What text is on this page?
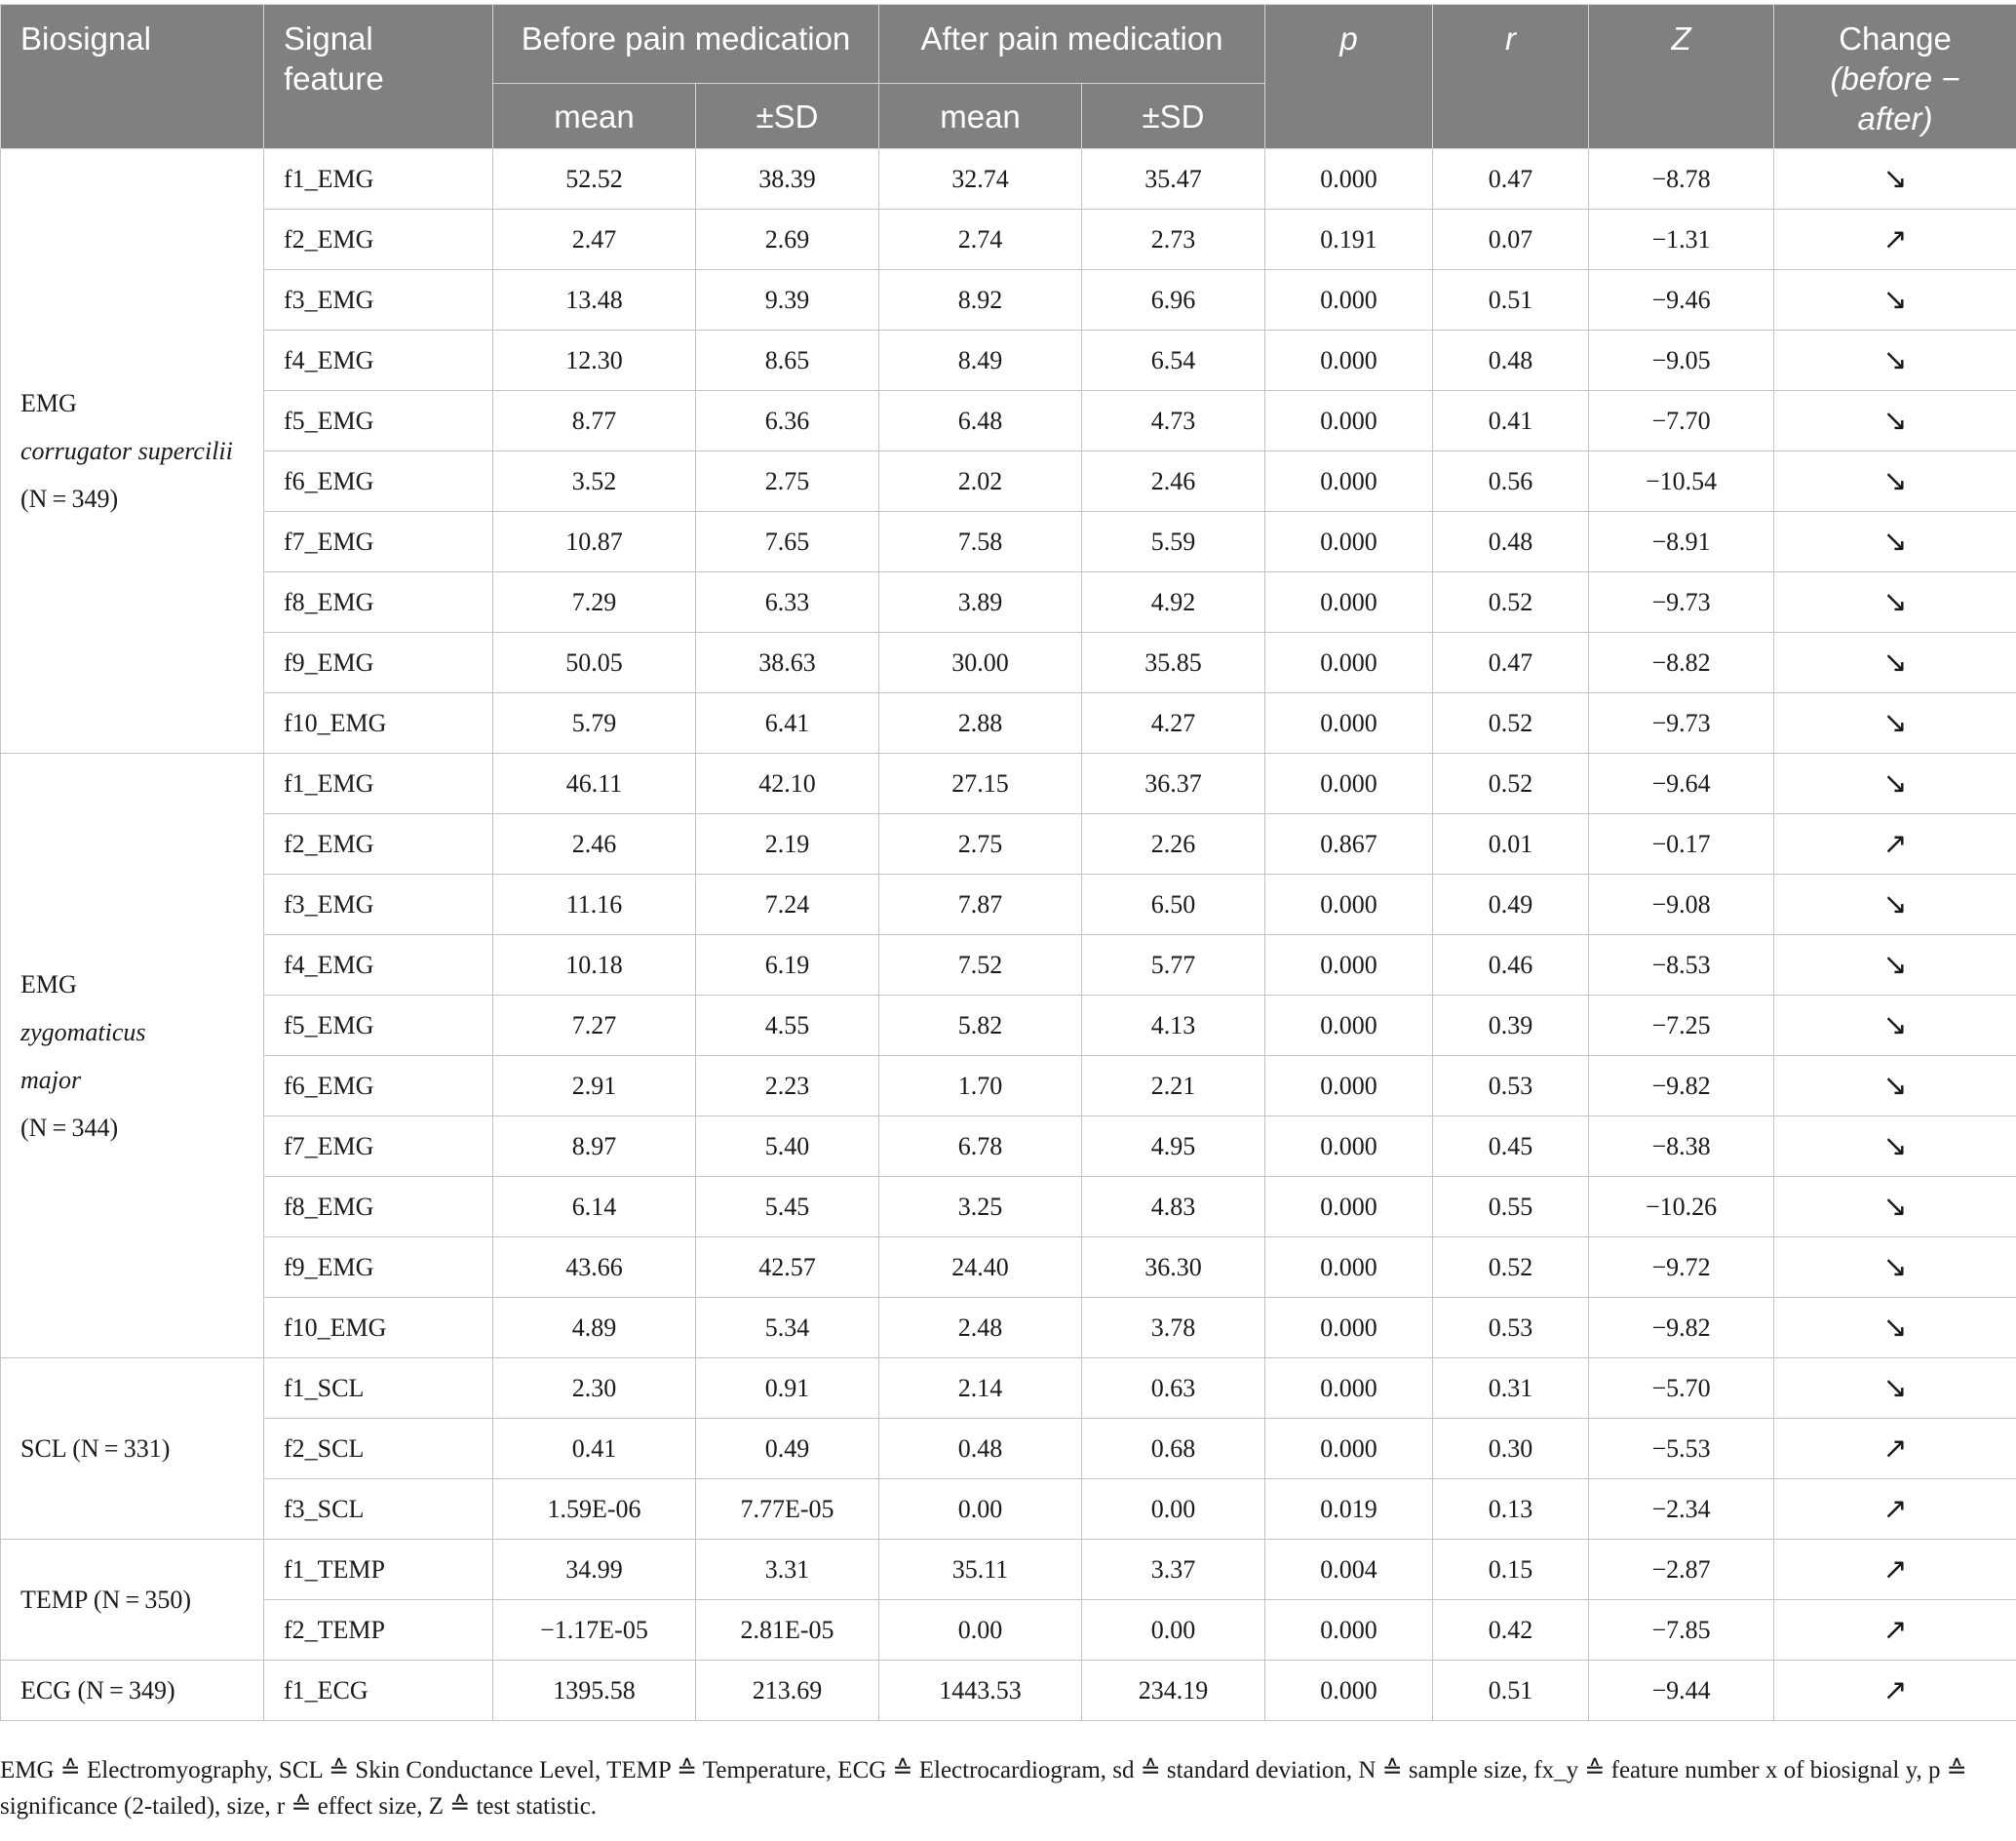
Biosignal	Signal feature	Before pain medication		After pain medication		p	r	Z	Change (before − after)
		mean	±SD	mean	±SD				

EMG
corrugator supercilii
(N = 349)	f1_EMG	52.52	38.39	32.74	35.47	0.000	0.47	−8.78	↘
	f2_EMG	2.47	2.69	2.74	2.73	0.191	0.07	−1.31	↗
	f3_EMG	13.48	9.39	8.92	6.96	0.000	0.51	−9.46	↘
	f4_EMG	12.30	8.65	8.49	6.54	0.000	0.48	−9.05	↘
	f5_EMG	8.77	6.36	6.48	4.73	0.000	0.41	−7.70	↘
	f6_EMG	3.52	2.75	2.02	2.46	0.000	0.56	−10.54	↘
	f7_EMG	10.87	7.65	7.58	5.59	0.000	0.48	−8.91	↘
	f8_EMG	7.29	6.33	3.89	4.92	0.000	0.52	−9.73	↘
	f9_EMG	50.05	38.63	30.00	35.85	0.000	0.47	−8.82	↘
	f10_EMG	5.79	6.41	2.88	4.27	0.000	0.52	−9.73	↘

EMG
zygomaticus
major
(N = 344)	f1_EMG	46.11	42.10	27.15	36.37	0.000	0.52	−9.64	↘
	f2_EMG	2.46	2.19	2.75	2.26	0.867	0.01	−0.17	↗
	f3_EMG	11.16	7.24	7.87	6.50	0.000	0.49	−9.08	↘
	f4_EMG	10.18	6.19	7.52	5.77	0.000	0.46	−8.53	↘
	f5_EMG	7.27	4.55	5.82	4.13	0.000	0.39	−7.25	↘
	f6_EMG	2.91	2.23	1.70	2.21	0.000	0.53	−9.82	↘
	f7_EMG	8.97	5.40	6.78	4.95	0.000	0.45	−8.38	↘
	f8_EMG	6.14	5.45	3.25	4.83	0.000	0.55	−10.26	↘
	f9_EMG	43.66	42.57	24.40	36.30	0.000	0.52	−9.72	↘
	f10_EMG	4.89	5.34	2.48	3.78	0.000	0.53	−9.82	↘

SCL (N = 331)	f1_SCL	2.30	0.91	2.14	0.63	0.000	0.31	−5.70	↘
	f2_SCL	0.41	0.49	0.48	0.68	0.000	0.30	−5.53	↗
	f3_SCL	1.59E-06	7.77E-05	0.00	0.00	0.019	0.13	−2.34	↗

TEMP (N = 350)	f1_TEMP	34.99	3.31	35.11	3.37	0.004	0.15	−2.87	↗
	f2_TEMP	−1.17E-05	2.81E-05	0.00	0.00	0.000	0.42	−7.85	↗

ECG (N = 349)	f1_ECG	1395.58	213.69	1443.53	234.19	0.000	0.51	−9.44	↗
EMG ≙ Electromyography, SCL ≙ Skin Conductance Level, TEMP ≙ Temperature, ECG ≙ Electrocardiogram, sd ≙ standard deviation, N ≙ sample size, fx_y ≙ feature number x of biosignal y, p ≙ significance (2-tailed), size, r ≙ effect size, Z ≙ test statistic.
